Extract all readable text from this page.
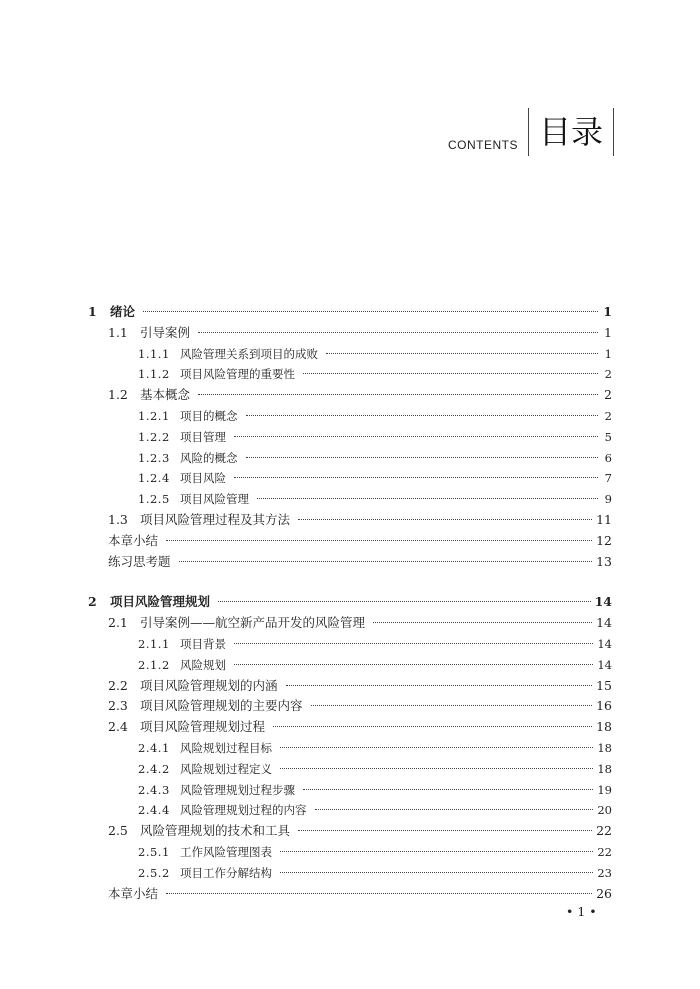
CONTENTS 目录
1	绪论	1
1.1 引导案例	1
1.1.1 风险管理关系到项目的成败	1
1.1.2 项目风险管理的重要性	2
1.2 基本概念	2
1.2.1 项目的概念	2
1.2.2 项目管理	5
1.2.3 风险的概念	6
1.2.4 项目风险	7
1.2.5 项目风险管理	9
1.3 项目风险管理过程及其方法	11
本章小结	12
练习思考题	13
2	项目风险管理规划	14
2.1 引导案例——航空新产品开发的风险管理	14
2.1.1 项目背景	14
2.1.2 风险规划	14
2.2 项目风险管理规划的内涵	15
2.3 项目风险管理规划的主要内容	16
2.4 项目风险管理规划过程	18
2.4.1 风险规划过程目标	18
2.4.2 风险规划过程定义	18
2.4.3 风险管理规划过程步骤	19
2.4.4 风险管理规划过程的内容	20
2.5 风险管理规划的技术和工具	22
2.5.1 工作风险管理图表	22
2.5.2 项目工作分解结构	23
本章小结	26
• 1 •
